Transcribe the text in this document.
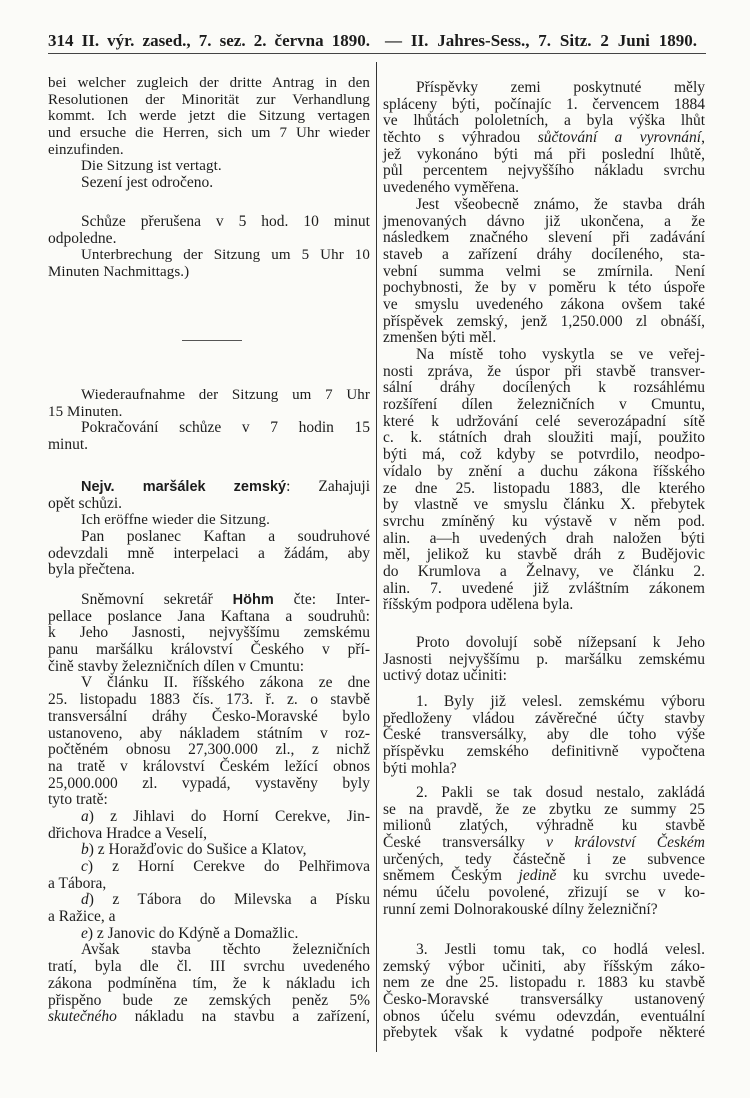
314 II. výr. zased., 7. sez. 2. června 1890. — II. Jahres-Sess., 7. Sitz. 2 Juni 1890.
bei welcher zugleich der dritte Antrag in den
Resolutionen der Minorität zur Verhandlung
kommt. Ich werde jetzt die Sitzung vertagen
und ersuche die Herren, sich um 7 Uhr wieder
einzufinden.
Die Sitzung ist vertagt.
Sezení jest odročeno.
Schůze přerušena v 5 hod. 10 minut
odpoledne.
Unterbrechung der Sitzung um 5 Uhr 10
Minuten Nachmittags.)
Wiederaufnahme der Sitzung um 7 Uhr
15 Minuten.
Pokračování schůze v 7 hodin 15
minut.
Nejv. maršálek zemský: Zahajuji
opět schůzi.
Ich eröffne wieder die Sitzung.
Pan poslanec Kaftan a soudruhové
odevzdali mně interpelaci a žádám, aby
byla přečtena.
Sněmovní sekretář Höhm čte: Inter-
pellace poslance Jana Kaftana a soudruhů:
k Jeho Jasnosti, nejvyššímu zemskému
panu maršálku království Českého v pří-
čině stavby železničních dílen v Cmuntu:
V článku II. říšského zákona ze dne
25. listopadu 1883 čís. 173. ř. z. o stavbě
transversální dráhy Česko-Moravské bylo
ustanoveno, aby nákladem státním v roz-
počtěném obnosu 27,300.000 zl., z nichž
na tratě v království Českém ležící obnos
25,000.000 zl. vypadá, vystavěny byly
tyto tratě:
a) z Jihlavi do Horní Cerekve, Jin-
dřichova Hradce a Veselí,
b) z Horažďovic do Sušice a Klatov,
c) z Horní Cerekve do Pelhřimova
a Tábora,
d) z Tábora do Milevska a Písku
a Ražice, a
e) z Janovic do Kdýně a Domažlic.
Avšak stavba těchto železničních
tratí, byla dle čl. III svrchu uvedeného
zákona podmíněna tím, že k nákladu ich
přispěno bude ze zemských peněz 5%
skutečného nákladu na stavbu a zařízení,
Příspěvky zemi poskytnuté měly
spláceny býti, počínajíc 1. červencem 1884
ve lhůtách pololetních, a byla výška lhůt
těchto s výhradou sůčtování a vyrovnání,
jež vykonáno býti má při poslední lhůtě,
půl percentem nejvyššího nákladu svrchu
uvedeného vyměřena.
Jest všeobecně známo, že stavba dráh
jmenovaných dávno již ukončena, a že
následkem značného slevení při zadávání
staveb a zařízení dráhy docíleného, sta-
vební summa velmi se zmírnila. Není
pochybnosti, že by v poměru k této úspoře
ve smyslu uvedeného zákona ovšem také
příspěvek zemský, jenž 1,250.000 zl obnáší,
zmenšen býti měl.
Na místě toho vyskytla se ve veřej-
nosti zpráva, že úspor při stavbě transver-
sální dráhy docílených k rozsáhlému
rozšíření dílen železničních v Cmuntu,
které k udržování celé severozápadní sítě
c. k. státních drah sloužiti mají, použito
býti má, což kdyby se potvrdilo, neodpo-
vídalo by znění a duchu zákona říšského
ze dne 25. listopadu 1883, dle kterého
by vlastně ve smyslu článku X. přebytek
svrchu zmíněný ku výstavě v něm pod.
alin. a—h uvedených drah naložen býti
měl, jelikož ku stavbě dráh z Budějovic
do Krumlova a Želnavy, ve článku 2.
alin. 7. uvedené již zvláštním zákonem
říšským podpora udělena byla.
Proto dovolují sobě nížepsaní k Jeho
Jasnosti nejvyššímu p. maršálku zemskému
uctivý dotaz učiniti:
1. Byly již velesl. zemskému výboru
předloženy vládou závěrečné účty stavby
České transversálky, aby dle toho výše
příspěvku zemského definitivně vypočtena
býti mohla?
2. Pakli se tak dosud nestalo, zakládá
se na pravdě, že ze zbytku ze summy 25
milionů zlatých, výhradně ku stavbě
České transversálky v království Českém
určených, tedy částečně i ze subvence
sněmem Českým jedině ku svrchu uvede-
nému účelu povolené, zřizují se v ko-
runní zemi Dolnorakouské dílny železniční?
3. Jestli tomu tak, co hodlá velesl.
zemský výbor učiniti, aby říšským záko-
nem ze dne 25. listopadu r. 1883 ku stavbě
Česko-Moravské transversálky ustanovený
obnos účelu svému odevzdán, eventuální
přebytek však k vydatné podpoře některé
